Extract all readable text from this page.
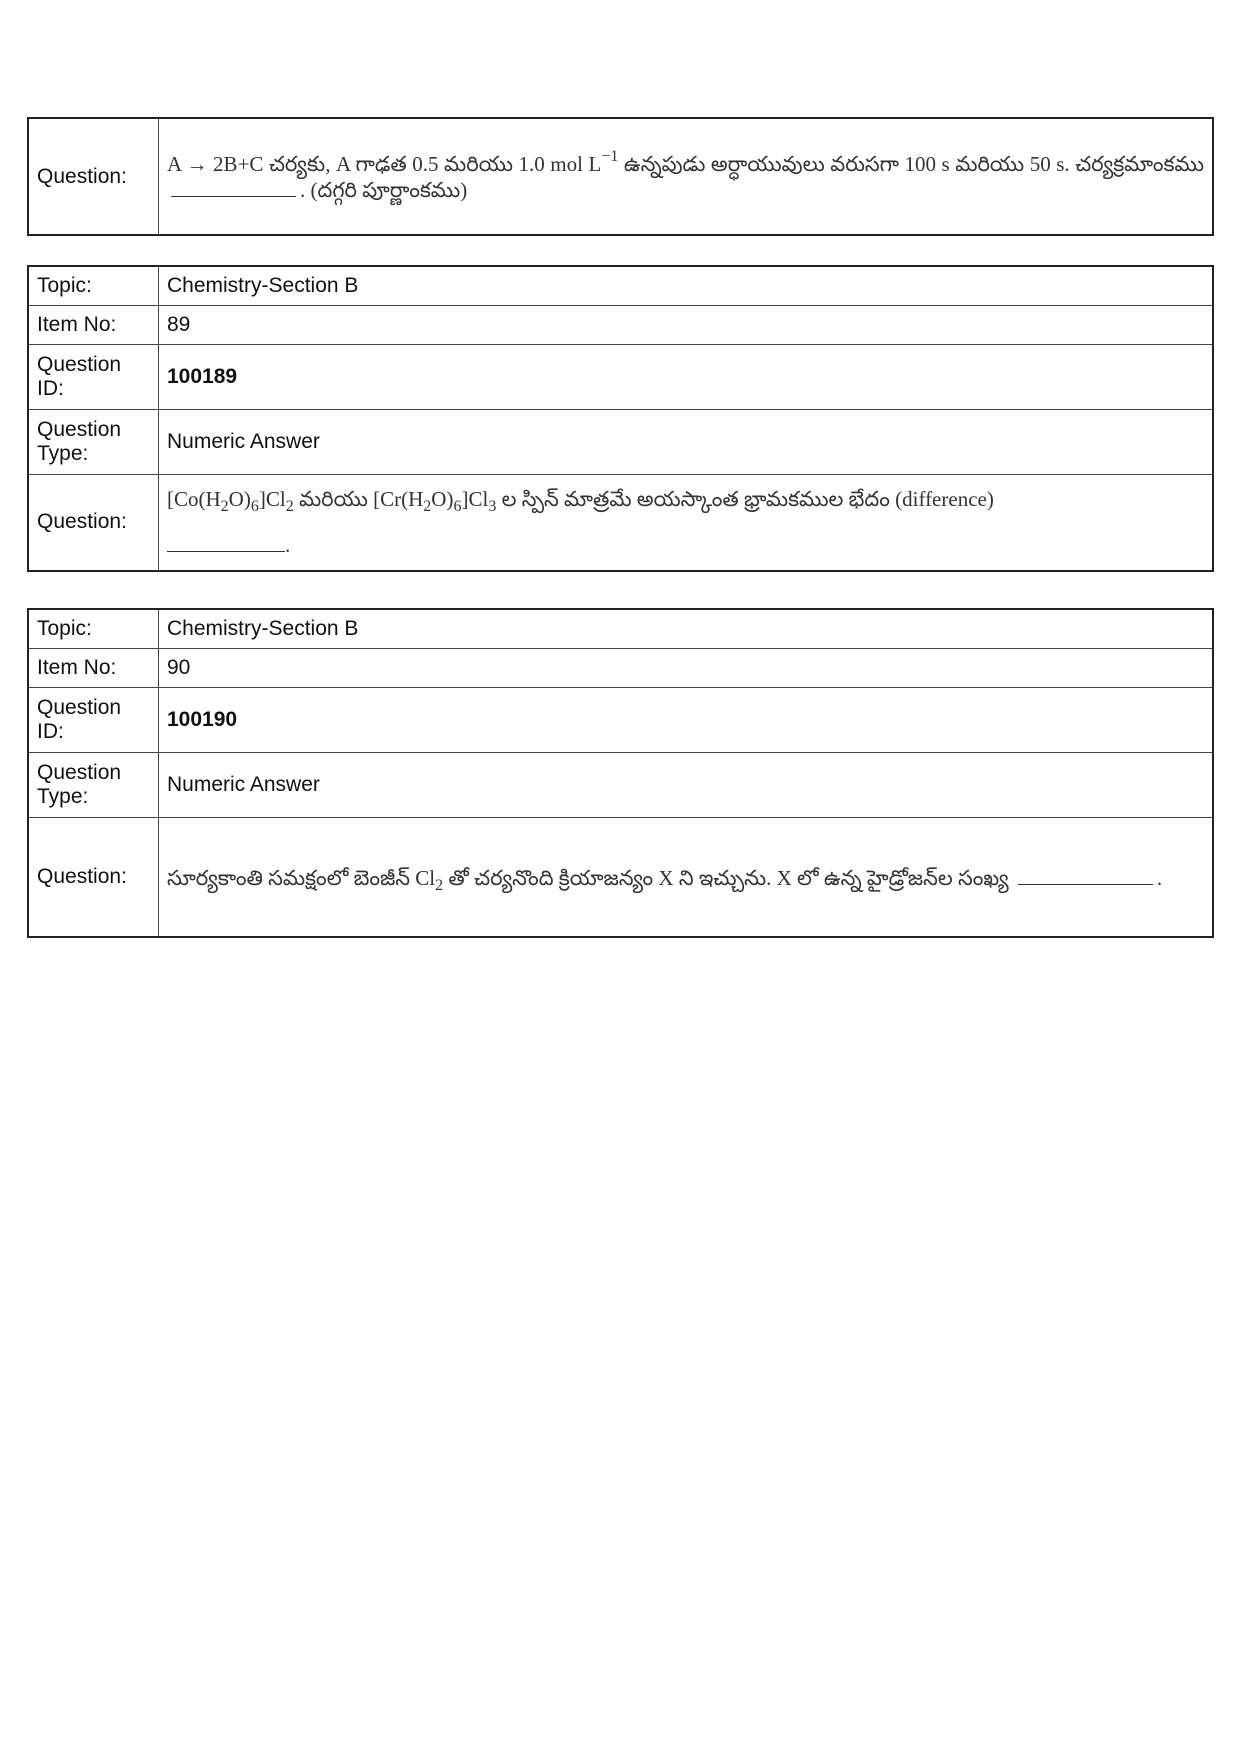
Question:	A → 2B+C చర్యకు, A గాఢత 0.5 మరియు 1.0 mol $L^{-1}$ ఉన్నపుడు అర్ధాయువులు వరుసగా 100 s మరియు 50 s. చర్యక్రమాంకము . (దగ్గరి పూర్ణాంకము)
Topic:	Chemistry-Section B
Item No:	89
Question ID:	100189
Question Type:	Numeric Answer
Question:	$[Co(H_2O)_6]Cl_2$ మరియు $[Cr(H_2O)_6]Cl_3$ ల స్పిన్ మాత్రమే అయస్కాంత భ్రామకముల భేదం (difference)
.
Topic:	Chemistry-Section B
Item No:	90
Question ID:	100190
Question Type:	Numeric Answer
Question:	సూర్యకాంతి సమక్షంలో బెంజీన్ $Cl_2$ తో చర్యనొంది క్రియాజన్యం X ని ఇచ్చును. X లో ఉన్న హైడ్రోజన్‌ల సంఖ్య .
